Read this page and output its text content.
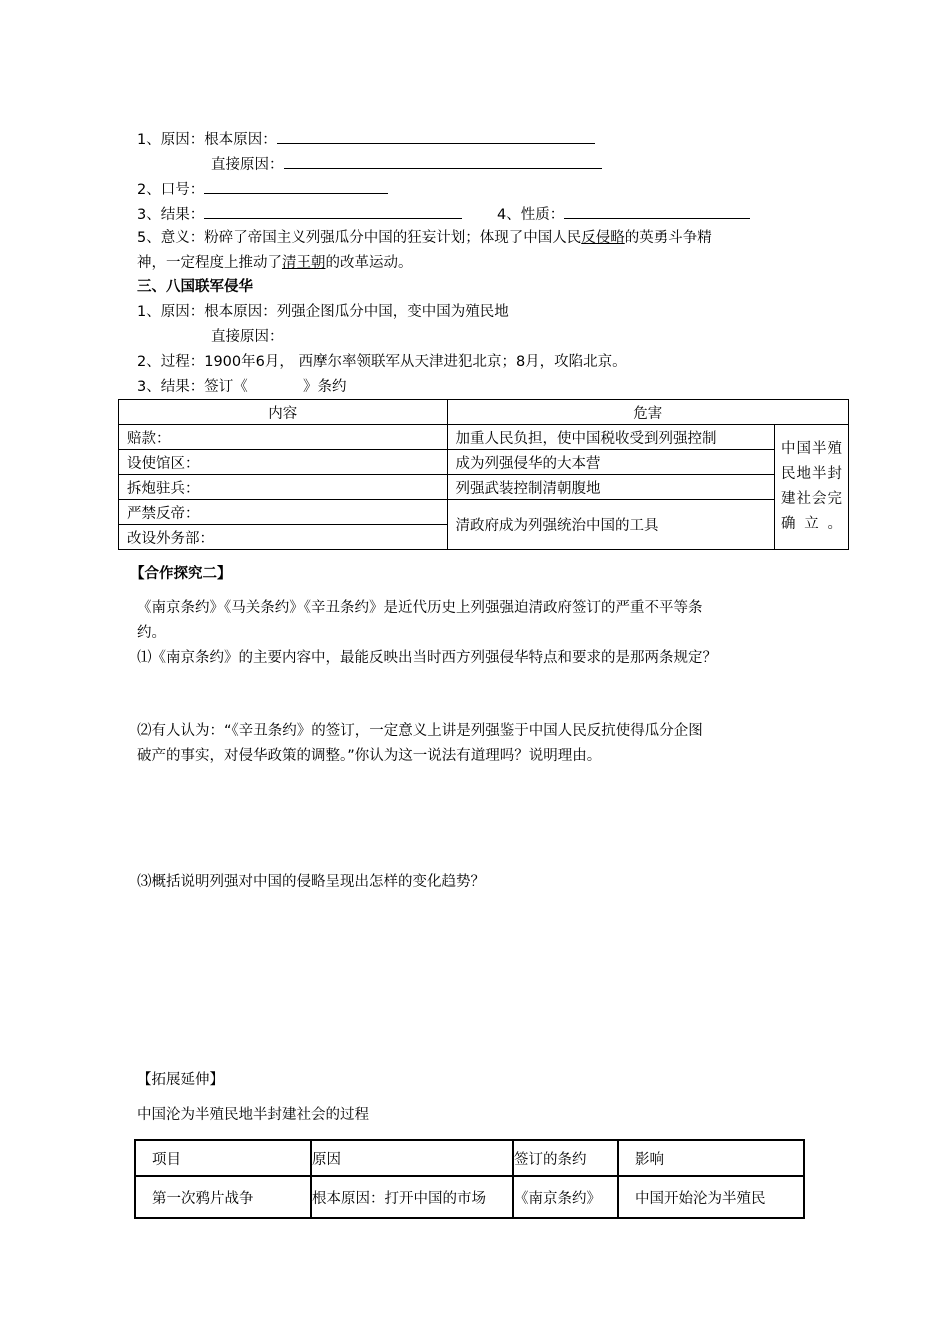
1、原因：根本原因：
直接原因：
2、口号：
3、结果：	4、性质：
5、意义：粉碎了帝国主义列强瓜分中国的狂妄计划；体现了中国人民反侵略的英勇斗争精
神，一定程度上推动了清王朝的改革运动。
三、八国联军侵华
1、原因：根本原因：列强企图瓜分中国，变中国为殖民地
直接原因：
2、过程：1900年6月， 西摩尔率领联军从天津进犯北京；8月，攻陷北京。
3、结果：签订《            》条约
内容	危害	
赔款：	加重人民负担，使中国税收受到列强控制	中国半殖民地半封建社会完确立。
设使馆区：	成为列强侵华的大本营	
拆炮驻兵：	列强武装控制清朝腹地	
严禁反帝：	清政府成为列强统治中国的工具	
改设外务部：		
【合作探究二】
《南京条约》《马关条约》《辛丑条约》是近代历史上列强强迫清政府签订的严重不平等条
约。
⑴《南京条约》的主要内容中，最能反映出当时西方列强侵华特点和要求的是那两条规定？
⑵有人认为：“《辛丑条约》的签订，一定意义上讲是列强鉴于中国人民反抗使得瓜分企图
破产的事实，对侵华政策的调整。”你认为这一说法有道理吗？说明理由。
⑶概括说明列强对中国的侵略呈现出怎样的变化趋势？
【拓展延伸】
中国沦为半殖民地半封建社会的过程
项目	原因	签订的条约	影响
第一次鸦片战争	根本原因：打开中国的市场	《南京条约》	中国开始沦为半殖民
